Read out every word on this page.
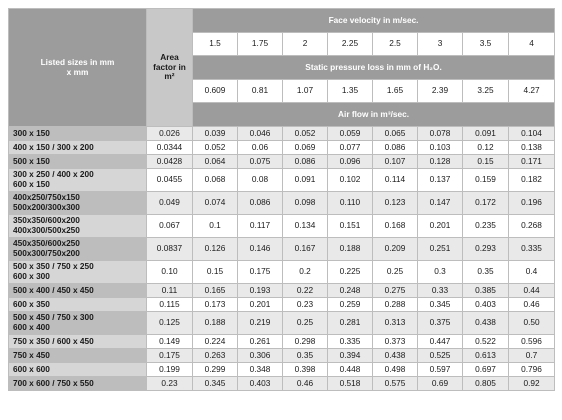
Listed sizes in mm x mm	Area factor in m²	Face velocity in m/sec.							
		1.5	1.75	2	2.25	2.5	3	3.5	4
		Static pressure loss in mm of H₂O.							
		0.609	0.81	1.07	1.35	1.65	2.39	3.25	4.27
		Air flow in m³/sec.							

300 x 150	0.026	0.039	0.046	0.052	0.059	0.065	0.078	0.091	0.104
400 x 150 / 300 x 200	0.0344	0.052	0.06	0.069	0.077	0.086	0.103	0.12	0.138
500 x 150	0.0428	0.064	0.075	0.086	0.096	0.107	0.128	0.15	0.171
300 x 250 / 400 x 200
600 x 150	0.0455	0.068	0.08	0.091	0.102	0.114	0.137	0.159	0.182
400x250/750x150
500x200/300x300	0.049	0.074	0.086	0.098	0.110	0.123	0.147	0.172	0.196
350x350/600x200
400x300/500x250	0.067	0.1	0.117	0.134	0.151	0.168	0.201	0.235	0.268
450x350/600x250
500x300/750x200	0.0837	0.126	0.146	0.167	0.188	0.209	0.251	0.293	0.335
500 x 350 / 750 x 250
600 x 300	0.10	0.15	0.175	0.2	0.225	0.25	0.3	0.35	0.4
500 x 400 / 450 x 450	0.11	0.165	0.193	0.22	0.248	0.275	0.33	0.385	0.44
600 x 350	0.115	0.173	0.201	0.23	0.259	0.288	0.345	0.403	0.46
500 x 450 / 750 x 300
600 x 400	0.125	0.188	0.219	0.25	0.281	0.313	0.375	0.438	0.50
750 x 350 / 600 x 450	0.149	0.224	0.261	0.298	0.335	0.373	0.447	0.522	0.596
750 x 450	0.175	0.263	0.306	0.35	0.394	0.438	0.525	0.613	0.7
600 x 600	0.199	0.299	0.348	0.398	0.448	0.498	0.597	0.697	0.796
700 x 600 / 750 x 550	0.23	0.345	0.403	0.46	0.518	0.575	0.69	0.805	0.92
